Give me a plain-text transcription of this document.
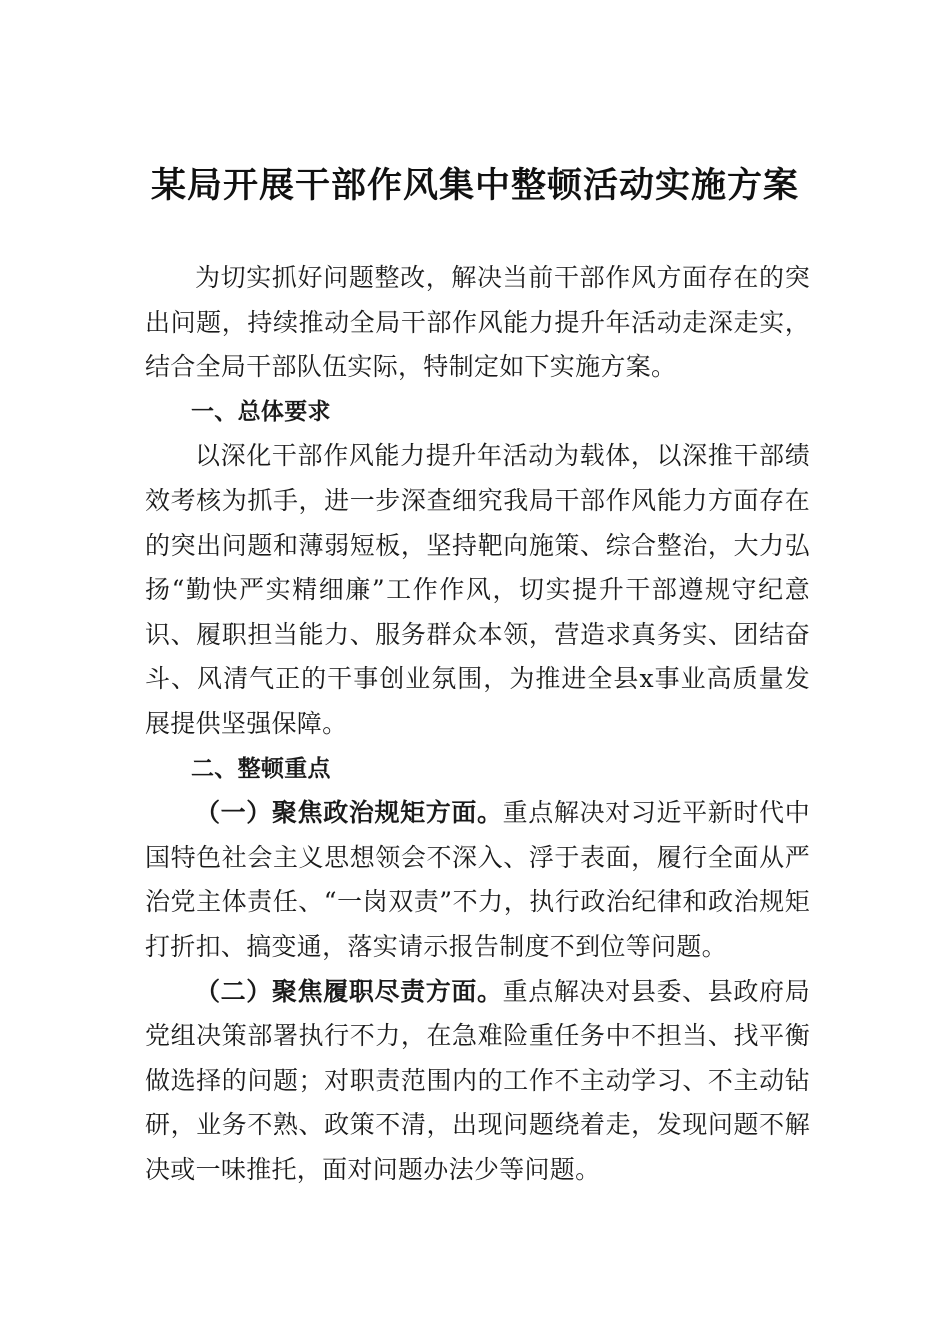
某局开展干部作风集中整顿活动实施方案

为切实抓好问题整改，解决当前干部作风方面存在的突出问题，持续推动全局干部作风能力提升年活动走深走实，结合全局干部队伍实际，特制定如下实施方案。

一、总体要求

以深化干部作风能力提升年活动为载体，以深推干部绩效考核为抓手，进一步深查细究我局干部作风能力方面存在的突出问题和薄弱短板，坚持靶向施策、综合整治，大力弘扬“勤快严实精细廉”工作作风，切实提升干部遵规守纪意识、履职担当能力、服务群众本领，营造求真务实、团结奋斗、风清气正的干事创业氛围，为推进全县x事业高质量发展提供坚强保障。

二、整顿重点

（一）聚焦政治规矩方面。重点解决对习近平新时代中国特色社会主义思想领会不深入、浮于表面，履行全面从严治党主体责任、“一岗双责”不力，执行政治纪律和政治规矩打折扣、搞变通，落实请示报告制度不到位等问题。

（二）聚焦履职尽责方面。重点解决对县委、县政府局党组决策部署执行不力，在急难险重任务中不担当、找平衡做选择的问题；对职责范围内的工作不主动学习、不主动钻研，业务不熟、政策不清，出现问题绕着走，发现问题不解决或一味推托，面对问题办法少等问题。
